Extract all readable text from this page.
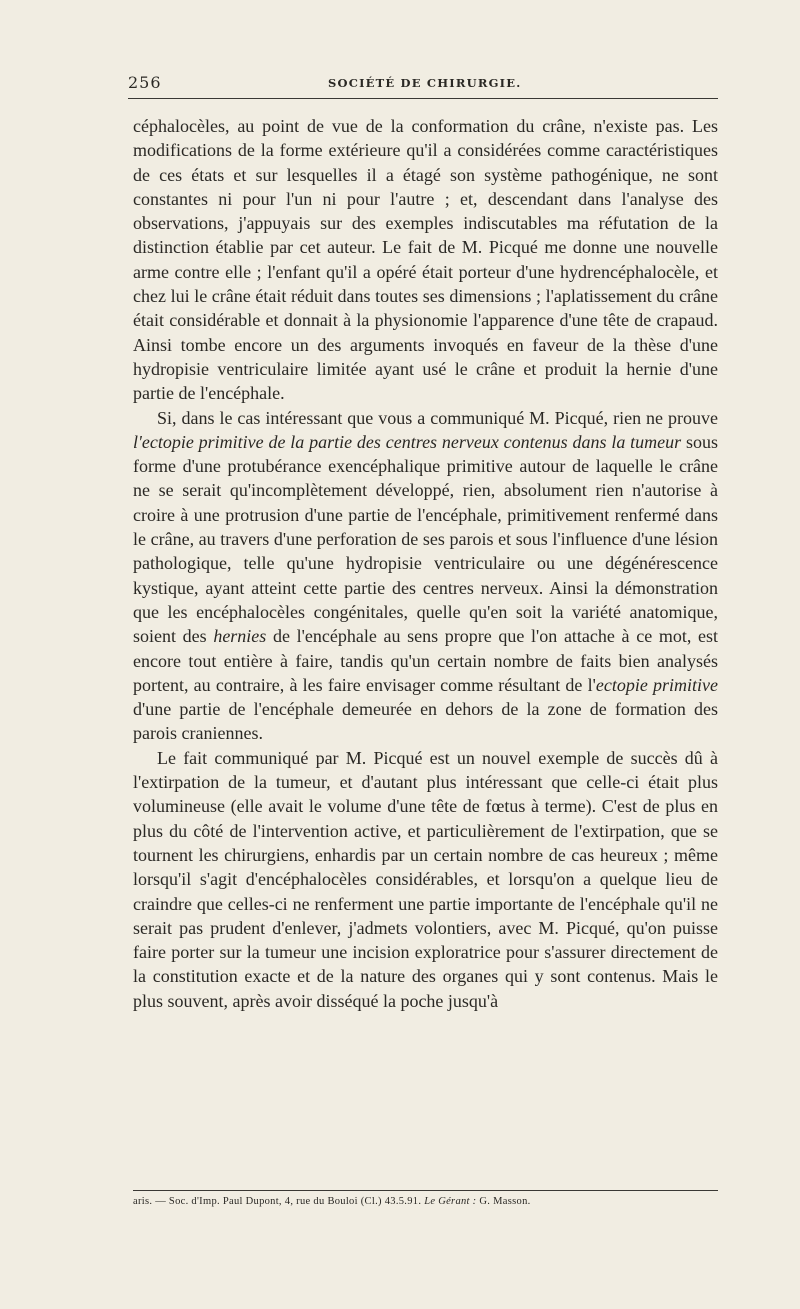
256	SOCIÉTÉ DE CHIRURGIE.

céphalocèles, au point de vue de la conformation du crâne, n'existe pas. Les modifications de la forme extérieure qu'il a considérées comme caractéristiques de ces états et sur lesquelles il a étagé son système pathogénique, ne sont constantes ni pour l'un ni pour l'autre ; et, descendant dans l'analyse des observations, j'appuyais sur des exemples indiscutables ma réfutation de la distinction établie par cet auteur. Le fait de M. Picqué me donne une nouvelle arme contre elle ; l'enfant qu'il a opéré était porteur d'une hydrencéphalocèle, et chez lui le crâne était réduit dans toutes ses dimensions ; l'aplatissement du crâne était considérable et donnait à la physionomie l'apparence d'une tête de crapaud. Ainsi tombe encore un des arguments invoqués en faveur de la thèse d'une hydropisie ventriculaire limitée ayant usé le crâne et produit la hernie d'une partie de l'encéphale.

Si, dans le cas intéressant que vous a communiqué M. Picqué, rien ne prouve l'ectopie primitive de la partie des centres nerveux contenus dans la tumeur sous forme d'une protubérance exencéphalique primitive autour de laquelle le crâne ne se serait qu'incomplètement développé, rien, absolument rien n'autorise à croire à une protrusion d'une partie de l'encéphale, primitivement renfermé dans le crâne, au travers d'une perforation de ses parois et sous l'influence d'une lésion pathologique, telle qu'une hydropisie ventriculaire ou une dégénérescence kystique, ayant atteint cette partie des centres nerveux. Ainsi la démonstration que les encéphalocèles congénitales, quelle qu'en soit la variété anatomique, soient des hernies de l'encéphale au sens propre que l'on attache à ce mot, est encore tout entière à faire, tandis qu'un certain nombre de faits bien analysés portent, au contraire, à les faire envisager comme résultant de l'ectopie primitive d'une partie de l'encéphale demeurée en dehors de la zone de formation des parois craniennes.

Le fait communiqué par M. Picqué est un nouvel exemple de succès dû à l'extirpation de la tumeur, et d'autant plus intéressant que celle-ci était plus volumineuse (elle avait le volume d'une tête de fœtus à terme). C'est de plus en plus du côté de l'intervention active, et particulièrement de l'extirpation, que se tournent les chirurgiens, enhardis par un certain nombre de cas heureux ; même lorsqu'il s'agit d'encéphalocèles considérables, et lorsqu'on a quelque lieu de craindre que celles-ci ne renferment une partie importante de l'encéphale qu'il ne serait pas prudent d'enlever, j'admets volontiers, avec M. Picqué, qu'on puisse faire porter sur la tumeur une incision exploratrice pour s'assurer directement de la constitution exacte et de la nature des organes qui y sont contenus. Mais le plus souvent, après avoir disséqué la poche jusqu'à

aris. — Soc. d'Imp. Paul Dupont, 4, rue du Bouloi (Cl.) 43.5.91. Le Gérant : G. Masson.
